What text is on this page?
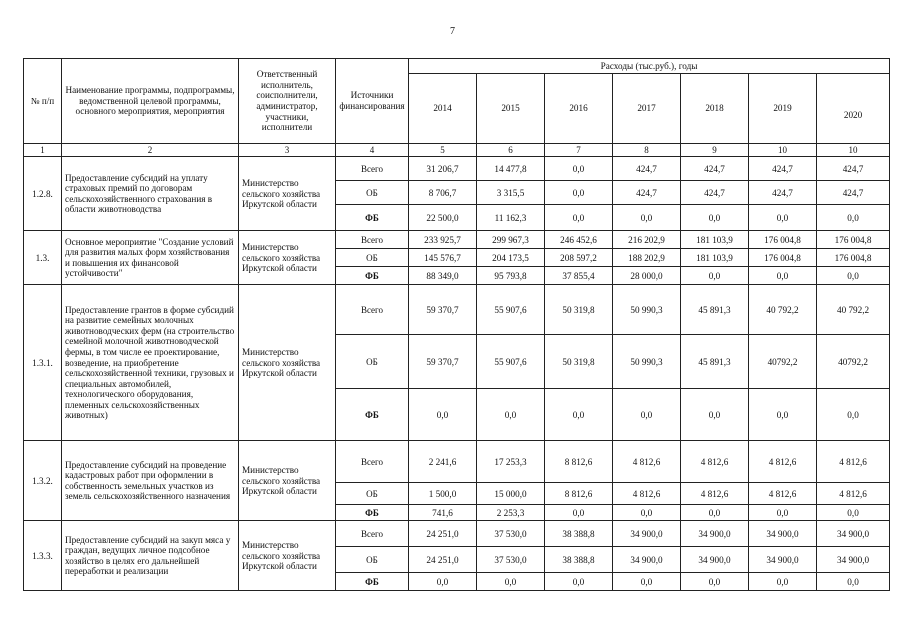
7
№ п/п	Наименование программы, подпрограммы, ведомственной целевой программы, основного мероприятия, мероприятия	Ответственный исполнитель, соисполнители, администратор, участники, исполнители	Источники финансирования	Расходы (тыс.руб.), годы						
				2014	2015	2016	2017	2018	2019	2020
1	2	3	4	5	6	7	8	9	10	10
1.2.8.	Предоставление субсидий на уплату страховых премий по договорам сельскохозяйственного страхования в области животноводства	Министерство сельского хозяйства Иркутской области	Всего	31 206,7	14 477,8	0,0	424,7	424,7	424,7	424,7
			ОБ	8 706,7	3 315,5	0,0	424,7	424,7	424,7	424,7
			ФБ	22 500,0	11 162,3	0,0	0,0	0,0	0,0	0,0
1.3.	Основное мероприятие "Создание условий для развития малых форм хозяйствования и повышения их финансовой устойчивости"	Министерство сельского хозяйства Иркутской области	Всего	233 925,7	299 967,3	246 452,6	216 202,9	181 103,9	176 004,8	176 004,8
			ОБ	145 576,7	204 173,5	208 597,2	188 202,9	181 103,9	176 004,8	176 004,8
			ФБ	88 349,0	95 793,8	37 855,4	28 000,0	0,0	0,0	0,0
1.3.1.	Предоставление грантов в форме субсидий на развитие семейных молочных животноводческих ферм (на строительство семейной молочной животноводческой фермы, в том числе ее проектирование, возведение, на приобретение сельскохозяйственной техники, грузовых и специальных автомобилей, технологического оборудования, племенных сельскохозяйственных животных)	Министерство сельского хозяйства Иркутской области	Всего	59 370,7	55 907,6	50 319,8	50 990,3	45 891,3	40 792,2	40 792,2
			ОБ	59 370,7	55 907,6	50 319,8	50 990,3	45 891,3	40792,2	40792,2
			ФБ	0,0	0,0	0,0	0,0	0,0	0,0	0,0
1.3.2.	Предоставление субсидий на проведение кадастровых работ при оформлении в собственность земельных участков из земель сельскохозяйственного назначения	Министерство сельского хозяйства Иркутской области	Всего	2 241,6	17 253,3	8 812,6	4 812,6	4 812,6	4 812,6	4 812,6
			ОБ	1 500,0	15 000,0	8 812,6	4 812,6	4 812,6	4 812,6	4 812,6
			ФБ	741,6	2 253,3	0,0	0,0	0,0	0,0	0,0
1.3.3.	Предоставление субсидий на закуп мяса у граждан, ведущих личное подсобное хозяйство в целях его дальнейшей переработки и реализации	Министерство сельского хозяйства Иркутской области	Всего	24 251,0	37 530,0	38 388,8	34 900,0	34 900,0	34 900,0	34 900,0
			ОБ	24 251,0	37 530,0	38 388,8	34 900,0	34 900,0	34 900,0	34 900,0
			ФБ	0,0	0,0	0,0	0,0	0,0	0,0	0,0
